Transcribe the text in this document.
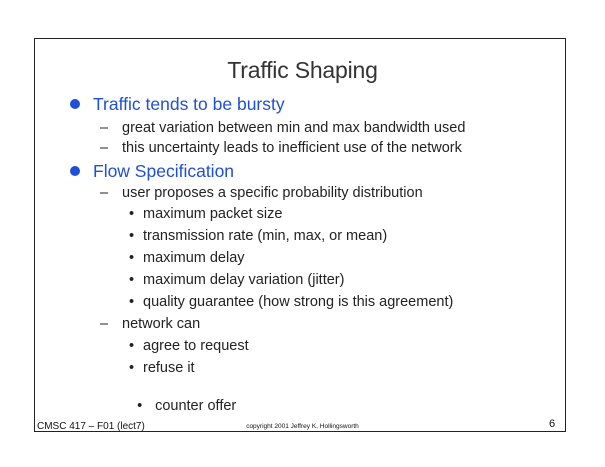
Traffic Shaping
Traffic tends to be bursty
– great variation between min and max bandwidth used
– this uncertainty leads to inefficient use of the network
Flow Specification
– user proposes a specific probability distribution
• maximum packet size
• transmission rate (min, max, or mean)
• maximum delay
• maximum delay variation (jitter)
• quality guarantee (how strong is this agreement)
– network can
• agree to request
• refuse it

• counter offer

CMSC 417 – F01 (lect7)	copyright 2001 Jeffrey K. Hollingsworth	6
